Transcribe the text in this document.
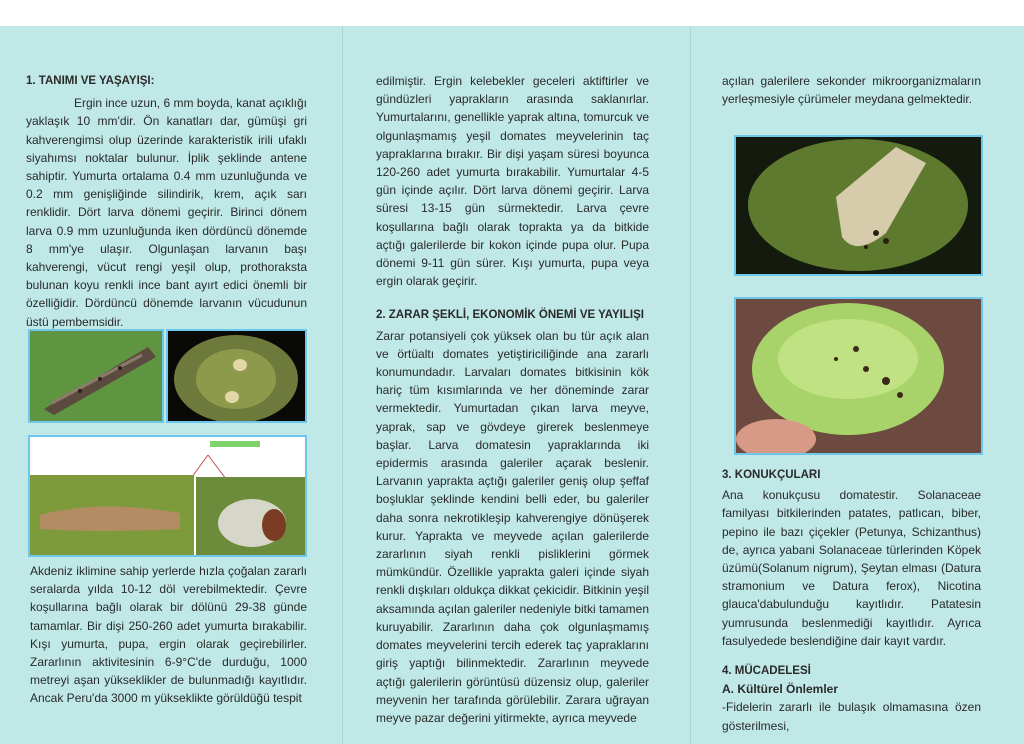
1. TANIMI VE YAŞAYIŞI:

Ergin ince uzun, 6 mm boyda, kanat açıklığı yaklaşık 10 mm'dir. Ön kanatları dar, gümüşi gri kahverengimsi olup üzerinde karakteristik irili ufaklı siyahımsı noktalar bulunur. İplik şeklinde antene sahiptir. Yumurta ortalama 0.4 mm uzunluğunda ve 0.2 mm genişliğinde silindirik, krem, açık sarı renklidir. Dört larva dönemi geçirir. Birinci dönem larva 0.9 mm uzunluğunda iken dördüncü dönemde 8 mm'ye ulaşır. Olgunlaşan larvanın başı kahverengi, vücut rengi yeşil olup, prothoraksta bulunan koyu renkli ince bant ayırt edici önemli bir özelliğidir. Dördüncü dönemde larvanın vücudunun üstü pembemsidir.

Akdeniz iklimine sahip yerlerde hızla çoğalan zararlı seralarda yılda 10-12 döl verebilmektedir. Çevre koşullarına bağlı olarak bir dölünü 29-38 günde tamamlar. Bir dişi 250-260 adet yumurta bırakabilir. Kışı yumurta, pupa, ergin olarak geçirebilirler. Zararlının aktivitesinin 6-9°C'de durduğu, 1000 metreyi aşan yükseklikler de bulunmadığı kayıtlıdır. Ancak Peru'da 3000 m yükseklikte görüldüğü tespit

edilmiştir. Ergin kelebekler geceleri aktiftirler ve gündüzleri yaprakların arasında saklanırlar. Yumurtalarını, genellikle yaprak altına, tomurcuk ve olgunlaşmamış yeşil domates meyvelerinin taç yapraklarına bırakır. Bir dişi yaşam süresi boyunca 120-260 adet yumurta bırakabilir. Yumurtalar 4-5 gün içinde açılır. Dört larva dönemi geçirir. Larva süresi 13-15 gün sürmektedir. Larva çevre koşullarına bağlı olarak toprakta ya da bitkide açtığı galerilerde bir kokon içinde pupa olur. Pupa dönemi 9-11 gün sürer. Kışı yumurta, pupa veya ergin olarak geçirir.

2. ZARAR ŞEKLİ, EKONOMİK ÖNEMİ VE YAYILIŞI

Zarar potansiyeli çok yüksek olan bu tür açık alan ve örtüaltı domates yetiştiriciliğinde ana zararlı konumundadır. Larvaları domates bitkisinin kök hariç tüm kısımlarında ve her döneminde zarar vermektedir. Yumurtadan çıkan larva meyve, yaprak, sap ve gövdeye girerek beslenmeye başlar. Larva domatesin yapraklarında iki epidermis arasında galeriler açarak beslenir. Larvanın yaprakta açtığı galeriler geniş olup şeffaf boşluklar şeklinde kendini belli eder, bu galeriler daha sonra nekrotikleşip kahverengiye dönüşerek kurur. Yaprakta ve meyvede açılan galerilerde zararlının siyah renkli pisliklerini görmek mümkündür. Özellikle yaprakta galeri içinde siyah renkli dışkıları oldukça dikkat çekicidir. Bitkinin yeşil aksamında açılan galeriler nedeniyle bitki tamamen kuruyabilir. Zararlının daha çok olgunlaşmamış domates meyvelerini tercih ederek taç yapraklarını giriş yaptığı bilinmektedir. Zararlının meyvede açtığı galerilerin görüntüsü düzensiz olup, galeriler meyvenin her tarafında görülebilir. Zarara uğrayan meyve pazar değerini yitirmekte, ayrıca meyvede

açılan galerilere sekonder mikroorganizmaların yerleşmesiyle çürümeler meydana gelmektedir.

3. KONUKÇULARI

Ana konukçusu domatestir. Solanaceae familyası bitkilerinden patates, patlıcan, biber, pepino ile bazı çiçekler (Petunya, Schizanthus) de, ayrıca yabani Solanaceae türlerinden Köpek üzümü(Solanum nigrum), Şeytan elması (Datura stramonium ve Datura ferox), Nicotina glauca'dabulunduğu kayıtlıdır. Patatesin yumrusunda beslenmediği kayıtlıdır. Ayrıca fasulyedede beslendiğine dair kayıt vardır.

4. MÜCADELESİ

A. Kültürel Önlemler

-Fidelerin zararlı ile bulaşık olmamasına özen gösterilmesi,
